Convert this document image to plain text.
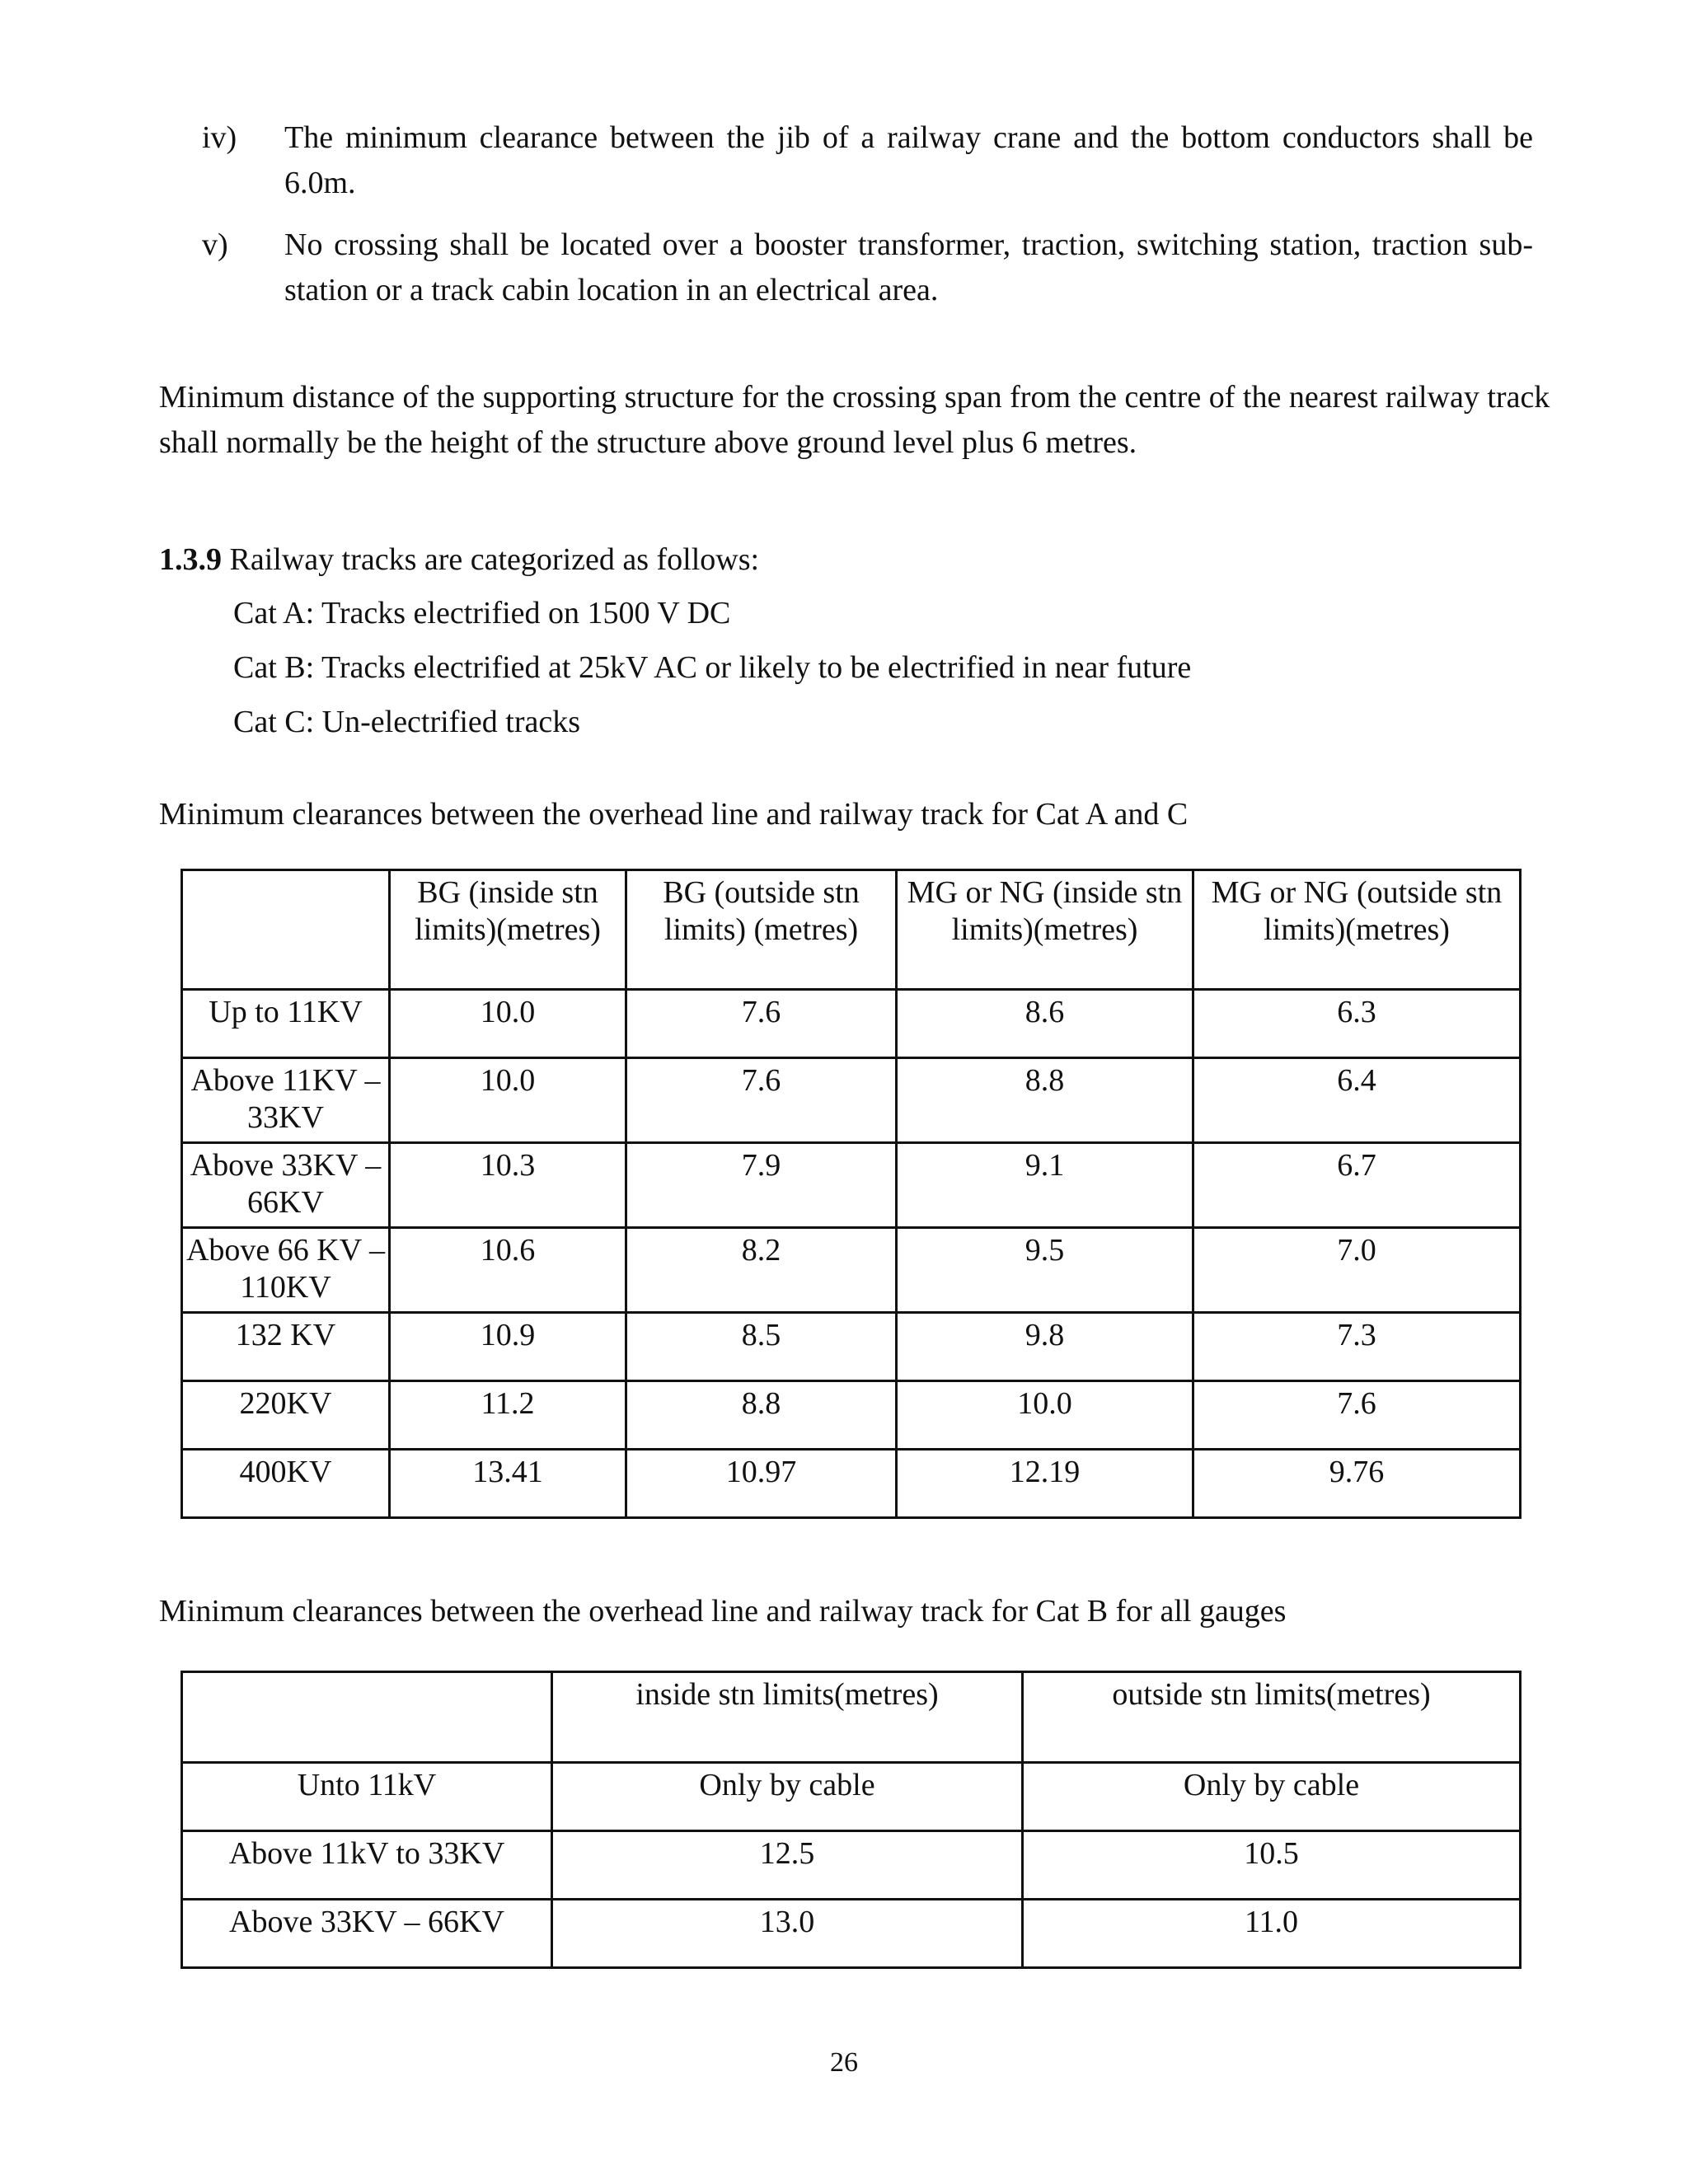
iv) The minimum clearance between the jib of a railway crane and the bottom conductors shall be 6.0m.
v) No crossing shall be located over a booster transformer, traction, switching station, traction sub-station or a track cabin location in an electrical area.
Minimum distance of the supporting structure for the crossing span from the centre of the nearest railway track shall normally be the height of the structure above ground level plus 6 metres.
1.3.9 Railway tracks are categorized as follows:
Cat A: Tracks electrified on 1500 V DC
Cat B: Tracks electrified at 25kV AC or likely to be electrified in near future
Cat C: Un-electrified tracks
Minimum clearances between the overhead line and railway track for Cat A and C
	BG (inside stn limits)(metres)	BG (outside stn limits) (metres)	MG or NG (inside stn limits)(metres)	MG or NG (outside stn limits)(metres)
Up to 11KV	10.0	7.6	8.6	6.3
Above 11KV – 33KV	10.0	7.6	8.8	6.4
Above 33KV – 66KV	10.3	7.9	9.1	6.7
Above 66 KV – 110KV	10.6	8.2	9.5	7.0
132 KV	10.9	8.5	9.8	7.3
220KV	11.2	8.8	10.0	7.6
400KV	13.41	10.97	12.19	9.76
Minimum clearances between the overhead line and railway track for Cat B for all gauges
	inside stn limits(metres)	outside stn limits(metres)
Unto 11kV	Only by cable	Only by cable
Above 11kV to 33KV	12.5	10.5
Above 33KV – 66KV	13.0	11.0
26
